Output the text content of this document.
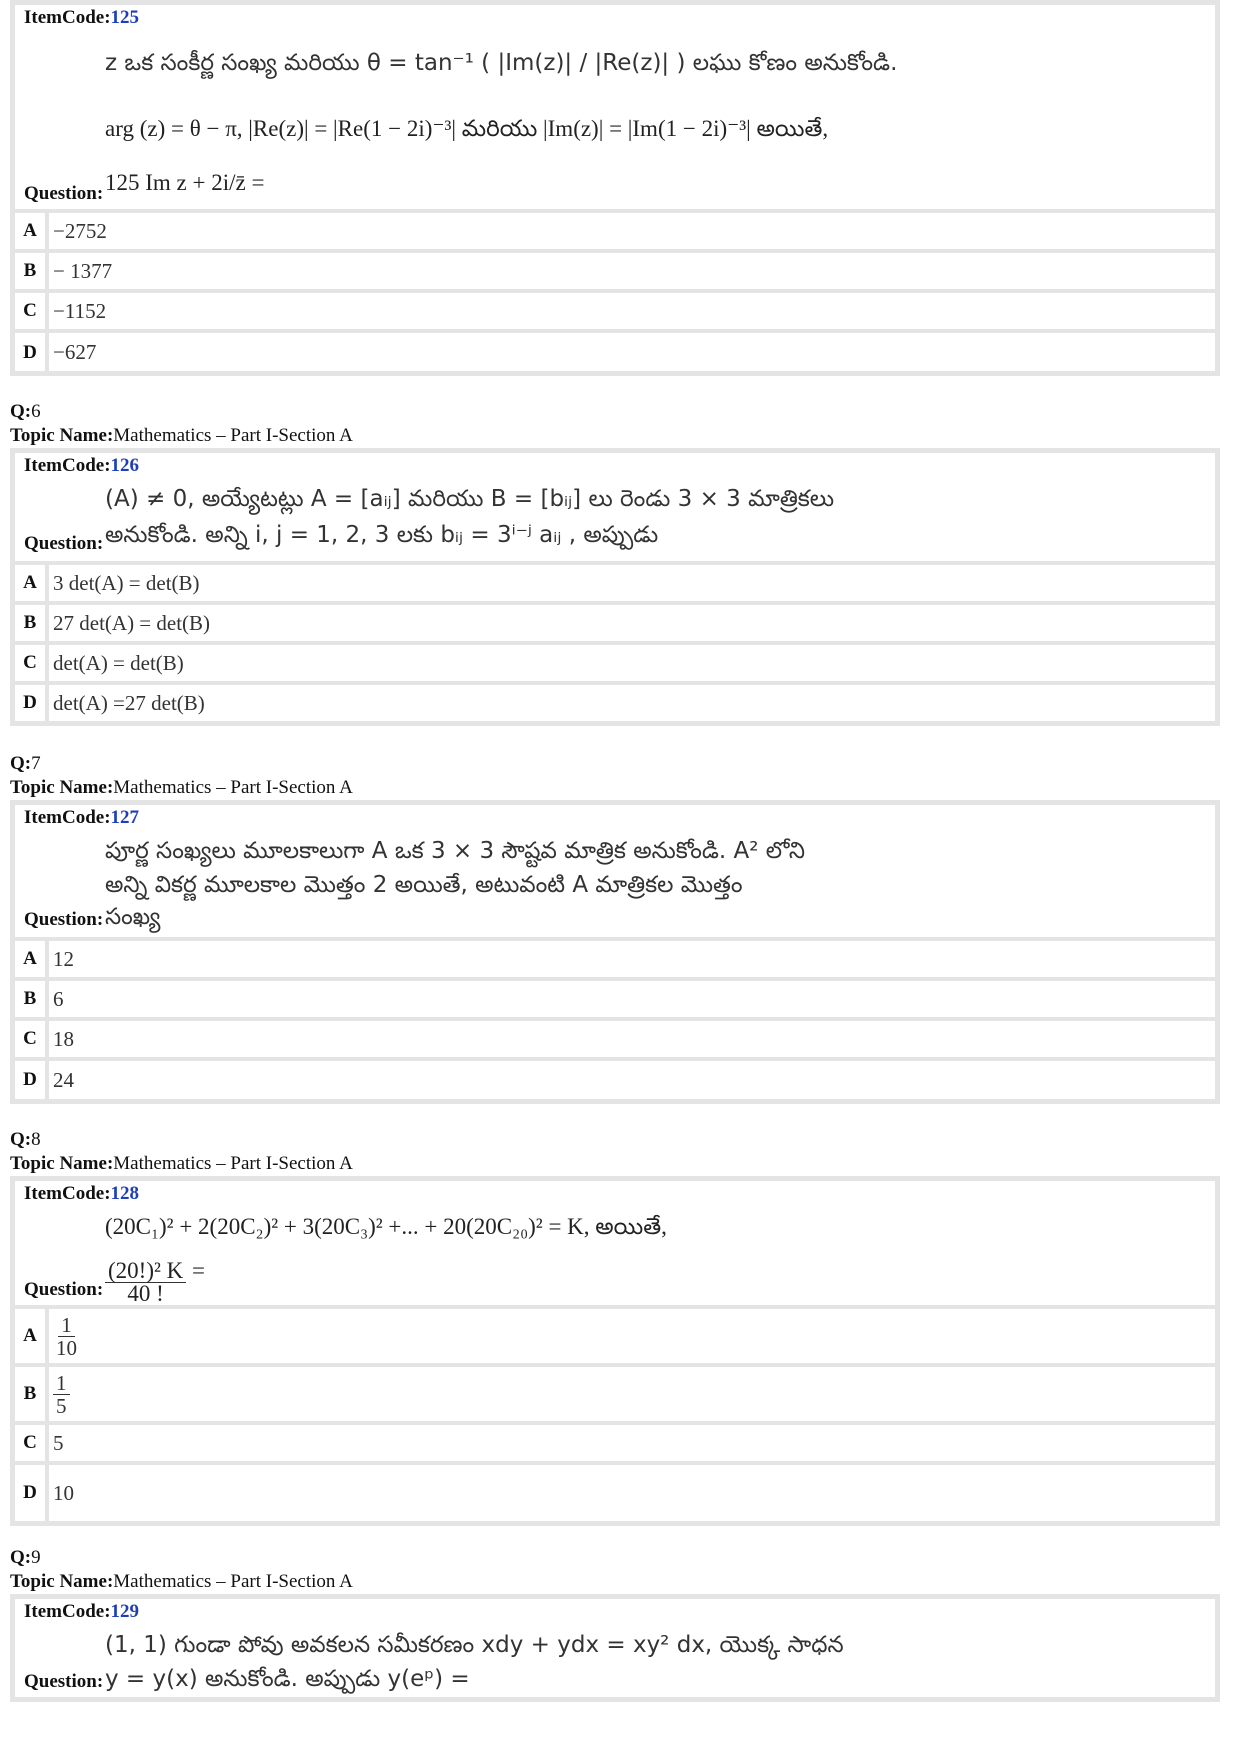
ItemCode:125
z ఒక సంకీర్ణ సంఖ్య మరియు θ = tan⁻¹ ( |Im(z)| / |Re(z)| ) లఘు కోణం అనుకోండి.
arg (z) = θ − π, |Re(z)| = |Re(1 − 2i)⁻³| మరియు |Im(z)| = |Im(1 − 2i)⁻³| అయితే,
125 Im z + 2i/z̄ =
Question:
A −2752
B − 1377
C −1152
D −627
Q:6
Topic Name:Mathematics – Part I-Section A
ItemCode:126
(A) ≠ 0, అయ్యేటట్లు A = [aᵢⱼ] మరియు B = [bᵢⱼ] లు రెండు 3 × 3 మాత్రికలు
అనుకోండి. అన్ని i, j = 1, 2, 3 లకు bᵢⱼ = 3ⁱ⁻ʲ aᵢⱼ , అప్పుడు
Question:
A 3 det(A) = det(B)
B 27 det(A) = det(B)
C det(A) = det(B)
D det(A) =27 det(B)
Q:7
Topic Name:Mathematics – Part I-Section A
ItemCode:127
పూర్ణ సంఖ్యలు మూలకాలుగా A ఒక 3 × 3 సౌష్టవ మాత్రిక అనుకోండి. A² లోని
అన్ని వికర్ణ మూలకాల మొత్తం 2 అయితే, అటువంటి A మాత్రికల మొత్తం
సంఖ్య
Question:
A 12
B 6
C 18
D 24
Q:8
Topic Name:Mathematics – Part I-Section A
ItemCode:128
(20C₁)² + 2(20C₂)² + 3(20C₃)² +... + 20(20C₂₀)² = K, అయితే,
$\frac{\text{(20!)² K}}{40 !}$ =
Question:
A $\frac{1}{10}$
B $\frac{1}{5}$
C 5
D 10
Q:9
Topic Name:Mathematics – Part I-Section A
ItemCode:129
(1, 1) గుండా పోవు అవకలన సమీకరణం xdy + ydx = xy² dx, యొక్క సాధన
y = y(x) అనుకోండి. అప్పుడు y(eᵖ) =
Question:
